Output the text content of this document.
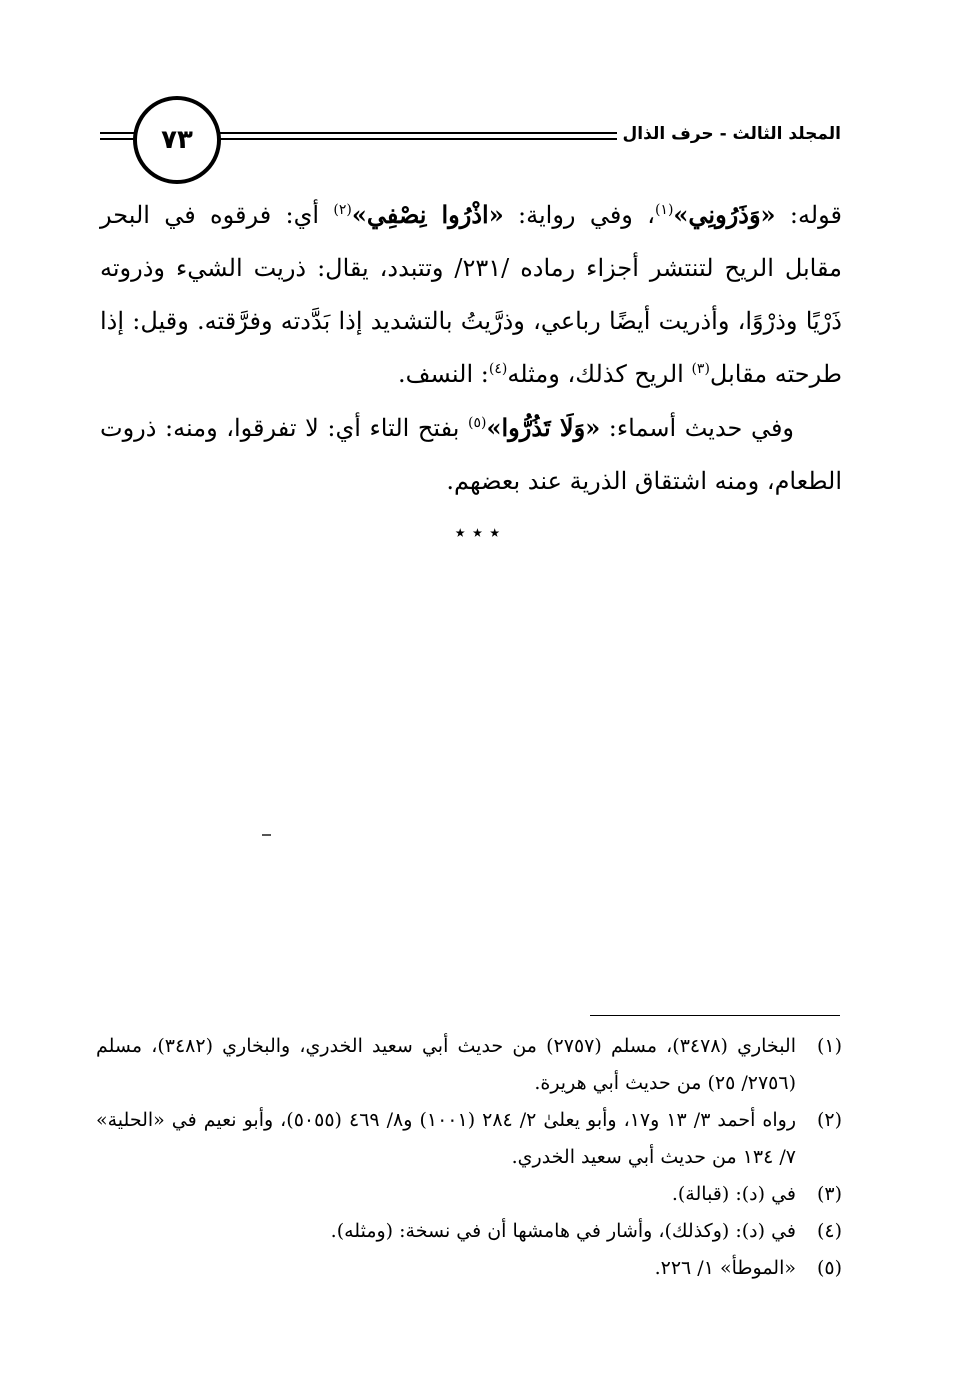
٧٣	المجلد الثالث - حرف الذال

قوله: «وَذَرُونِي»$^{(١)}$، وفي رواية: «اذْرُوا نِصْفِي»$^{(٢)}$ أي: فرقوه في البحر مقابل الريح لتنتشر أجزاء رماده /٢٣١/ وتتبدد، يقال: ذريت الشيء وذروته ذَرْيًا وذرْوًا، وأذريت أيضًا رباعي، وذرَّيتُ بالتشديد إذا بَدَّدته وفرَّقته. وقيل: إذا طرحته مقابل$^{(٣)}$ الريح كذلك، ومثله$^{(٤)}$: النسف.

وفي حديث أسماء: «وَلَا تَذُرُّوا»$^{(٥)}$ بفتح التاء أي: لا تفرقوا، ومنه: ذروت الطعام، ومنه اشتقاق الذرية عند بعضهم.

٭ ٭ ٭
(١)
البخاري (٣٤٧٨)، مسلم (٢٧٥٧) من حديث أبي سعيد الخدري، والبخاري (٣٤٨٢)، مسلم (٢٧٥٦/ ٢٥) من حديث أبي هريرة.
(٢)
رواه أحمد ٣/ ١٣ و١٧، وأبو يعلىٰ ٢/ ٢٨٤ (١٠٠١) و٨/ ٤٦٩ (٥٠٥٥)، وأبو نعيم في «الحلية» ٧/ ١٣٤ من حديث أبي سعيد الخدري.
(٣)
في (د): (قبالة).
(٤)
في (د): (وكذلك)، وأشار في هامشها أن في نسخة: (ومثله).
(٥)
«الموطأ» ١/ ٢٢٦.
